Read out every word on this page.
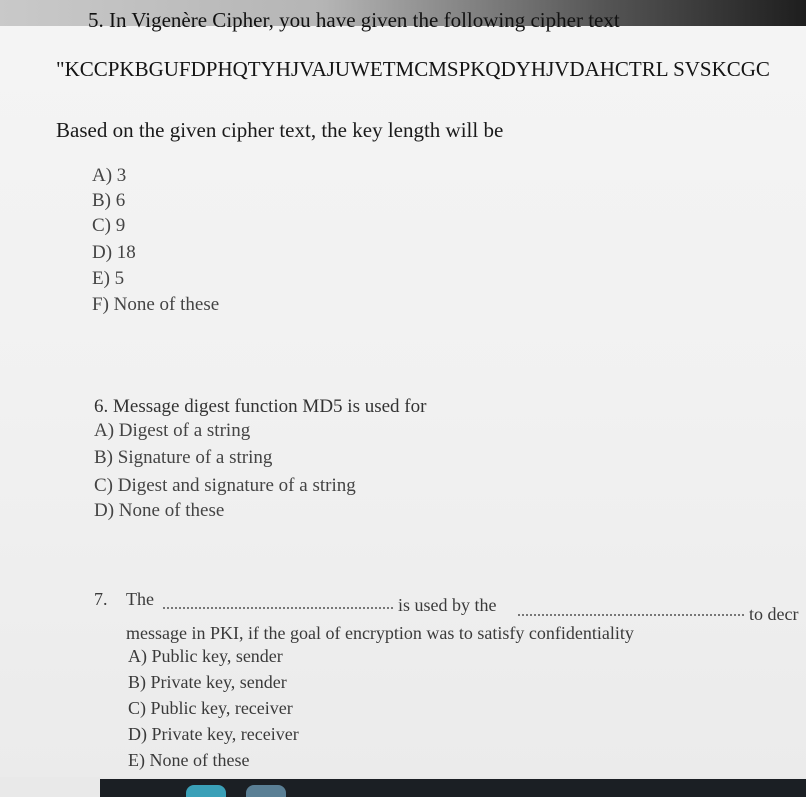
5. In Vigenère Cipher, you have given the following cipher text
"KCCPKBGUFDPHQTYHJVAJUWETMCMSPKQDYHJVDAHCTRL SVSKCGC
Based on the given cipher text, the key length will be
A) 3
B) 6
C) 9
D) 18
E) 5
F) None of these
6. Message digest function MD5 is used for
A) Digest of a string
B) Signature of a string
C) Digest and signature of a string
D) None of these
7. The	is used by the	to decr
message in PKI, if the goal of encryption was to satisfy confidentiality
A) Public key, sender
B) Private key, sender
C) Public key, receiver
D) Private key, receiver
E) None of these
